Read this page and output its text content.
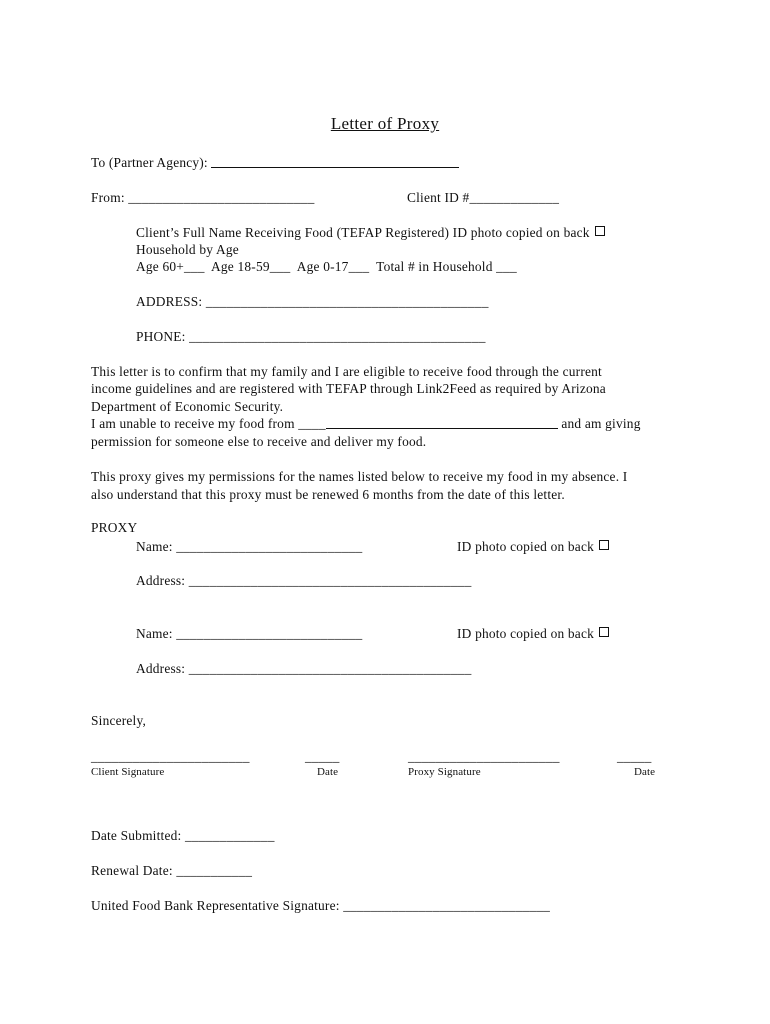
Letter of Proxy
To (Partner Agency):
From: ___________________________	Client ID #_____________
Client’s Full Name Receiving Food (TEFAP Registered) ID photo copied on back
Household by Age
Age 60+___  Age 18-59___  Age 0-17___  Total # in Household ___
ADDRESS: _________________________________________
PHONE: ___________________________________________
This letter is to confirm that my family and I are eligible to receive food through the current
income guidelines and are registered with TEFAP through Link2Feed as required by Arizona
Department of Economic Security.
I am unable to receive my food from ____	and am giving
permission for someone else to receive and deliver my food.
This proxy gives my permissions for the names listed below to receive my food in my absence. I
also understand that this proxy must be renewed 6 months from the date of this letter.
PROXY
Name: ___________________________	ID photo copied on back
Address: _________________________________________
Name: ___________________________	ID photo copied on back
Address: _________________________________________
Sincerely,
_______________________	_____	______________________	_____
Client Signature	Date	Proxy Signature	Date
Date Submitted: _____________
Renewal Date: ___________
United Food Bank Representative Signature: ______________________________
